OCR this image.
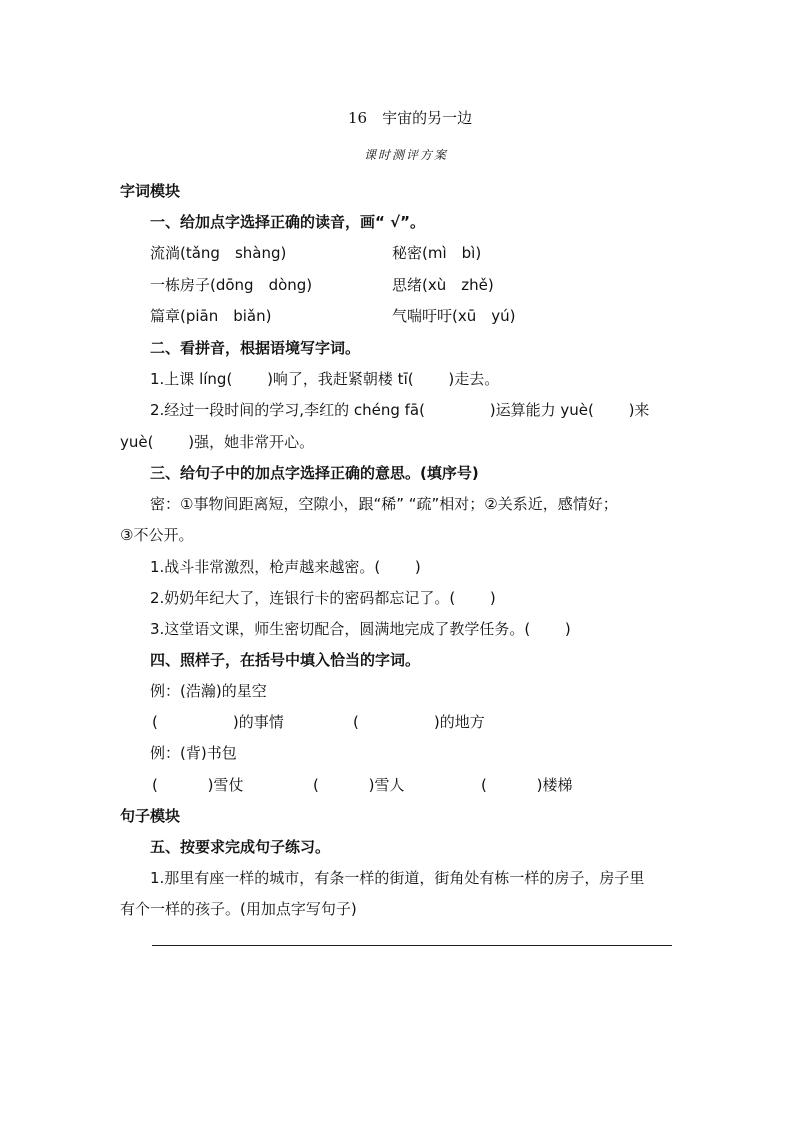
16　宇宙的另一边
课时测评方案
字词模块
一、给加点字选择正确的读音，画“ √”。
流淌(tǎng　shàng)	秘密(mì　bì)
一栋房子(dōng　dòng)	思绪(xù　zhě)
篇章(piān　biǎn)	气喘吁吁(xū　yú)
二、看拼音，根据语境写字词。
1.上课 líng(　　 )响了，我赶紧朝楼 tī(　　 )走去。
2.经过一段时间的学习,李红的 chéng fā(　　　　 )运算能力 yuè(　　 )来
yuè(　　 )强，她非常开心。
三、给句子中的加点字选择正确的意思。(填序号)
密：①事物间距离短，空隙小，跟“稀” “疏”相对；②关系近，感情好；
③不公开。
1.战斗非常激烈，枪声越来越密。(　　 )
2.奶奶年纪大了，连银行卡的密码都忘记了。(　　 )
3.这堂语文课，师生密切配合，圆满地完成了教学任务。(　　 )
四、照样子，在括号中填入恰当的字词。
例：(浩瀚)的星空
(　　　　　)的事情	(　　　　　)的地方
例：(背)书包
(　　　 )雪仗	(　　　 )雪人	(　　　 )楼梯
句子模块
五、按要求完成句子练习。
1.那里有座一样的城市，有条一样的街道，街角处有栋一样的房子，房子里
有个一样的孩子。(用加点字写句子)
